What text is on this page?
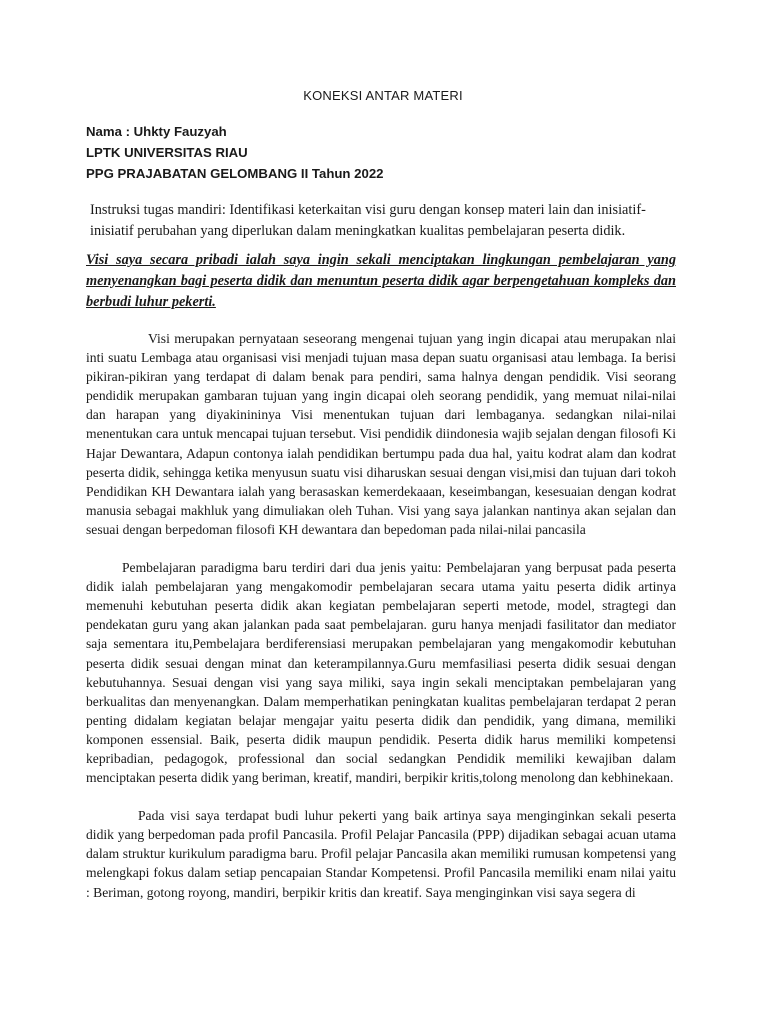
KONEKSI ANTAR MATERI
Nama : Uhkty Fauzyah
LPTK UNIVERSITAS RIAU
PPG PRAJABATAN GELOMBANG II Tahun 2022

Instruksi tugas mandiri: Identifikasi keterkaitan visi guru dengan konsep materi lain dan inisiatif-inisiatif perubahan yang diperlukan dalam meningkatkan kualitas pembelajaran peserta didik.

Visi saya secara pribadi ialah saya ingin sekali menciptakan lingkungan pembelajaran yang menyenangkan bagi peserta didik dan menuntun peserta didik agar berpengetahuan kompleks dan berbudi luhur pekerti.

Visi merupakan pernyataan seseorang mengenai tujuan yang ingin dicapai atau merupakan nlai inti suatu Lembaga atau organisasi visi menjadi tujuan masa depan suatu organisasi atau lembaga. Ia berisi pikiran-pikiran yang terdapat di dalam benak para pendiri, sama halnya dengan pendidik. Visi seorang pendidik merupakan gambaran tujuan yang ingin dicapai oleh seorang pendidik, yang memuat nilai-nilai dan harapan yang diyakinininya Visi menentukan tujuan dari lembaganya. sedangkan nilai-nilai menentukan cara untuk mencapai tujuan tersebut. Visi pendidik diindonesia wajib sejalan dengan filosofi Ki Hajar Dewantara, Adapun contonya ialah pendidikan bertumpu pada dua hal, yaitu kodrat alam dan kodrat peserta didik, sehingga ketika menyusun suatu visi diharuskan sesuai dengan visi,misi dan tujuan dari tokoh Pendidikan KH Dewantara ialah yang berasaskan kemerdekaaan, keseimbangan, kesesuaian dengan kodrat manusia sebagai makhluk yang dimuliakan oleh Tuhan. Visi yang saya jalankan nantinya akan sejalan dan sesuai dengan berpedoman filosofi KH dewantara dan bepedoman pada nilai-nilai pancasila

Pembelajaran paradigma baru terdiri dari dua jenis yaitu: Pembelajaran yang berpusat pada peserta didik ialah pembelajaran yang mengakomodir pembelajaran secara utama yaitu peserta didik artinya memenuhi kebutuhan peserta didik akan kegiatan pembelajaran seperti metode, model, stragtegi dan pendekatan guru yang akan jalankan pada saat pembelajaran. guru hanya menjadi fasilitator dan mediator saja sementara itu,Pembelajara berdiferensiasi merupakan pembelajaran yang mengakomodir kebutuhan peserta didik sesuai dengan minat dan keterampilannya.Guru memfasiliasi peserta didik sesuai dengan kebutuhannya. Sesuai dengan visi yang saya miliki, saya ingin sekali menciptakan pembelajaran yang berkualitas dan menyenangkan. Dalam memperhatikan peningkatan kualitas pembelajaran terdapat 2 peran penting didalam kegiatan belajar mengajar yaitu peserta didik dan pendidik, yang dimana, memiliki komponen essensial. Baik, peserta didik maupun pendidik. Peserta didik harus memiliki kompetensi kepribadian, pedagogok, professional dan social sedangkan Pendidik memiliki kewajiban dalam menciptakan peserta didik yang beriman, kreatif, mandiri, berpikir kritis,tolong menolong dan kebhinekaan.

Pada visi saya terdapat budi luhur pekerti yang baik artinya saya menginginkan sekali peserta didik yang berpedoman pada profil Pancasila. Profil Pelajar Pancasila (PPP) dijadikan sebagai acuan utama dalam struktur kurikulum paradigma baru. Profil pelajar Pancasila akan memiliki rumusan kompetensi yang melengkapi fokus dalam setiap pencapaian Standar Kompetensi. Profil Pancasila memiliki enam nilai yaitu : Beriman, gotong royong, mandiri, berpikir kritis dan kreatif. Saya menginginkan visi saya segera di
